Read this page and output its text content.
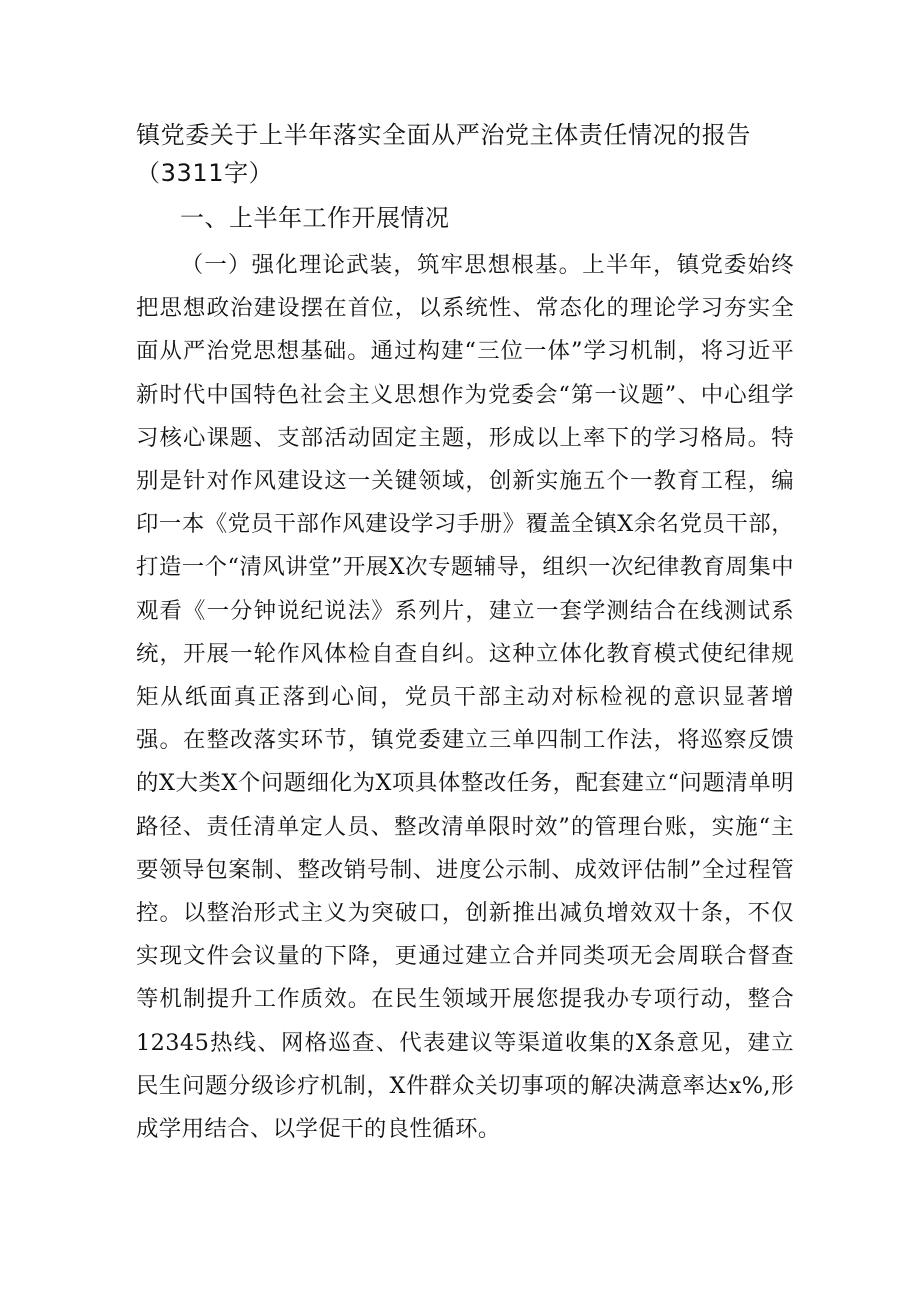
镇党委关于上半年落实全面从严治党主体责任情况的报告（3311字）
一、上半年工作开展情况

（一）强化理论武装，筑牢思想根基。上半年，镇党委始终把思想政治建设摆在首位，以系统性、常态化的理论学习夯实全面从严治党思想基础。通过构建“三位一体”学习机制，将习近平新时代中国特色社会主义思想作为党委会“第一议题”、中心组学习核心课题、支部活动固定主题，形成以上率下的学习格局。特别是针对作风建设这一关键领域，创新实施五个一教育工程，编印一本《党员干部作风建设学习手册》覆盖全镇X余名党员干部，打造一个“清风讲堂”开展X次专题辅导，组织一次纪律教育周集中观看《一分钟说纪说法》系列片，建立一套学测结合在线测试系统，开展一轮作风体检自查自纠。这种立体化教育模式使纪律规矩从纸面真正落到心间，党员干部主动对标检视的意识显著增强。在整改落实环节，镇党委建立三单四制工作法，将巡察反馈的X大类X个问题细化为X项具体整改任务，配套建立“问题清单明路径、责任清单定人员、整改清单限时效”的管理台账，实施“主要领导包案制、整改销号制、进度公示制、成效评估制”全过程管控。以整治形式主义为突破口，创新推出减负增效双十条，不仅实现文件会议量的下降，更通过建立合并同类项无会周联合督查等机制提升工作质效。在民生领域开展您提我办专项行动，整合12345热线、网格巡查、代表建议等渠道收集的X条意见，建立民生问题分级诊疗机制，X件群众关切事项的解决满意率达x%,形成学用结合、以学促干的良性循环。
